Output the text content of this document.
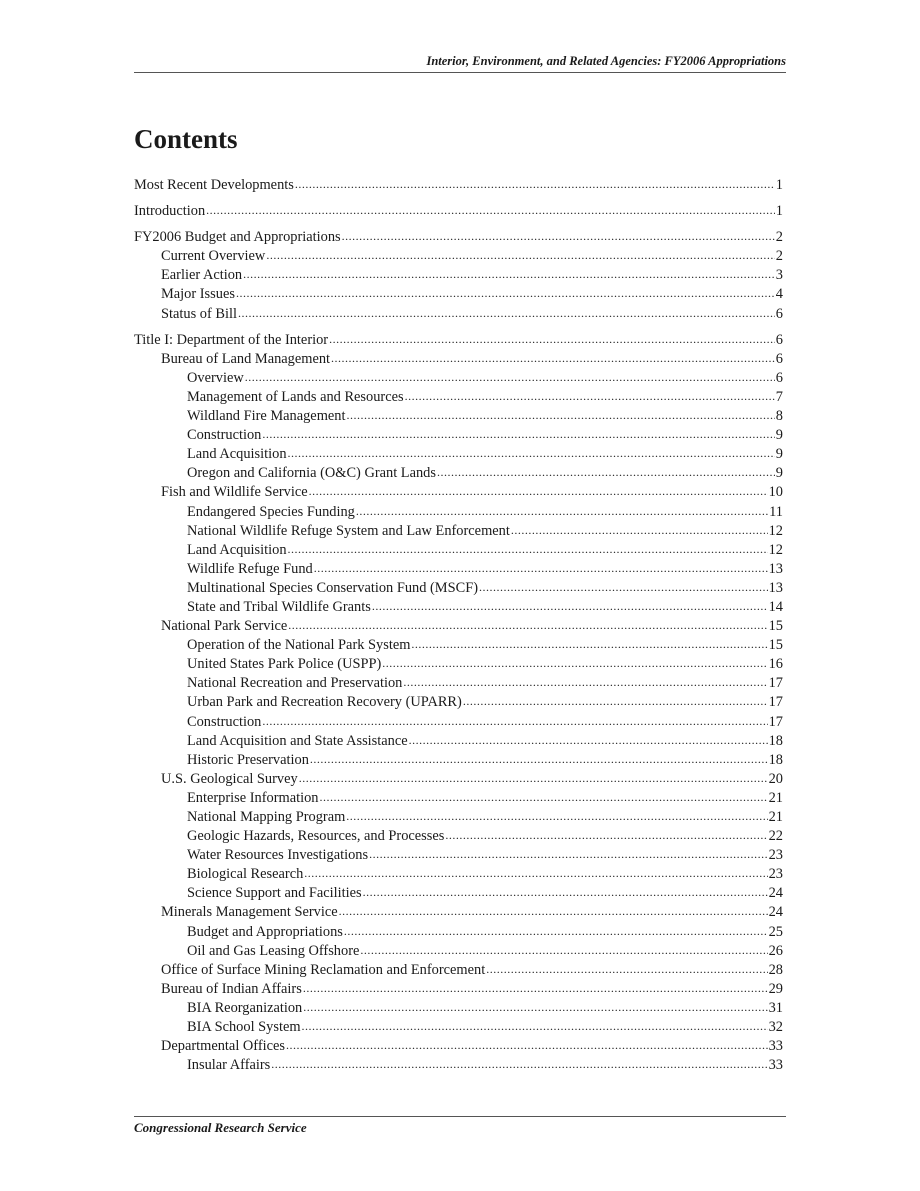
Interior, Environment, and Related Agencies: FY2006 Appropriations
Contents
Most Recent Developments .....	1
Introduction .....	1
FY2006 Budget and Appropriations .....	2
Current Overview .....	2
Earlier Action .....	3
Major Issues .....	4
Status of Bill .....	6
Title I: Department of the Interior .....	6
Bureau of Land Management .....	6
Overview .....	6
Management of Lands and Resources .....	7
Wildland Fire Management .....	8
Construction .....	9
Land Acquisition .....	9
Oregon and California (O&C) Grant Lands .....	9
Fish and Wildlife Service .....	10
Endangered Species Funding .....	11
National Wildlife Refuge System and Law Enforcement .....	12
Land Acquisition .....	12
Wildlife Refuge Fund .....	13
Multinational Species Conservation Fund (MSCF) .....	13
State and Tribal Wildlife Grants .....	14
National Park Service .....	15
Operation of the National Park System .....	15
United States Park Police (USPP) .....	16
National Recreation and Preservation .....	17
Urban Park and Recreation Recovery (UPARR) .....	17
Construction .....	17
Land Acquisition and State Assistance .....	18
Historic Preservation .....	18
U.S. Geological Survey .....	20
Enterprise Information .....	21
National Mapping Program .....	21
Geologic Hazards, Resources, and Processes .....	22
Water Resources Investigations .....	23
Biological Research .....	23
Science Support and Facilities .....	24
Minerals Management Service .....	24
Budget and Appropriations .....	25
Oil and Gas Leasing Offshore .....	26
Office of Surface Mining Reclamation and Enforcement .....	28
Bureau of Indian Affairs .....	29
BIA Reorganization .....	31
BIA School System .....	32
Departmental Offices .....	33
Insular Affairs .....	33
Congressional Research Service
